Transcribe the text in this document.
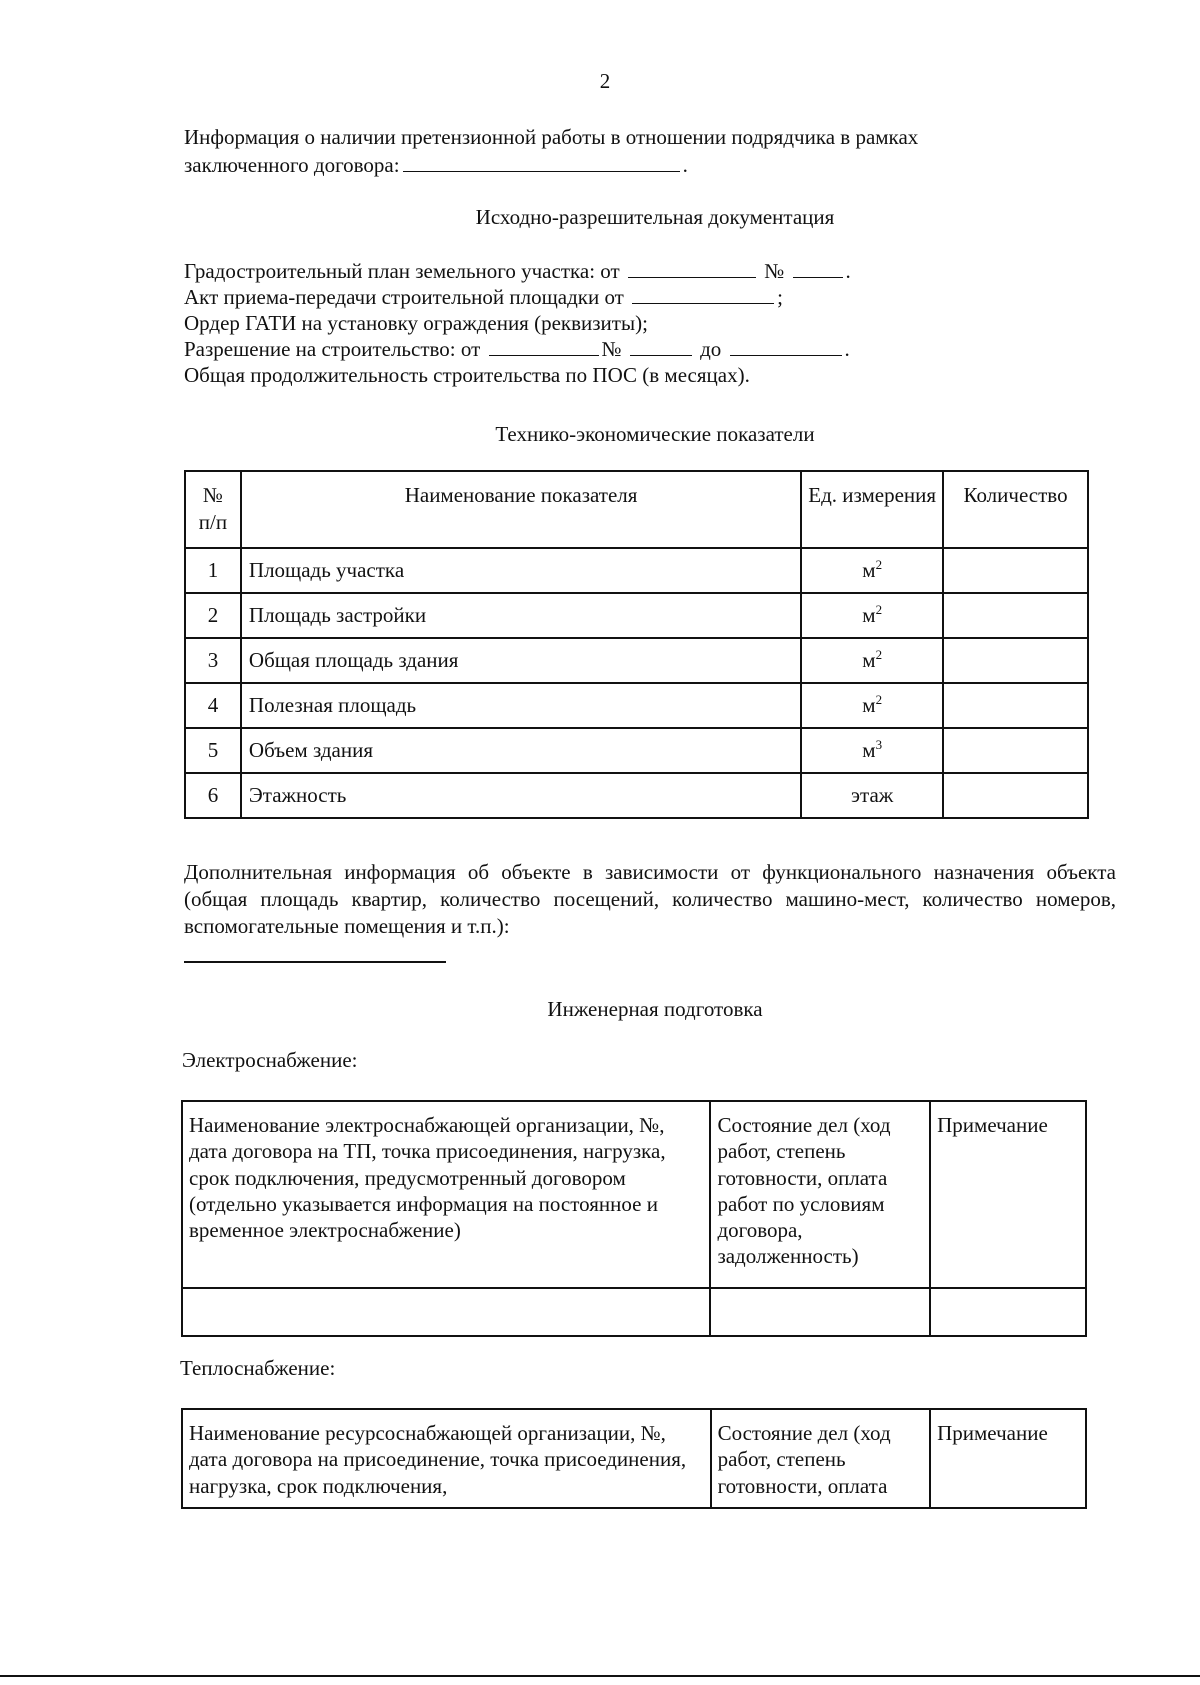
2
Информация о наличии претензионной работы в отношении подрядчика в рамках
заключенного договора:	.
Исходно-разрешительная документация
Градостроительный план земельного участка: от	№	.
Акт приема-передачи строительной площадки от	;
Ордер ГАТИ на установку ограждения (реквизиты);
Разрешение на строительство: от	№	до	.
Общая продолжительность строительства по ПОС (в месяцах).
Технико-экономические показатели
№ п/п	Наименование показателя	Ед. измерения	Количество
1	Площадь участка	$м^2$	
2	Площадь застройки	$м^2$	
3	Общая площадь здания	$м^2$	
4	Полезная площадь	$м^2$	
5	Объем здания	$м^3$	
6	Этажность	этаж	
Дополнительная информация об объекте в зависимости от функционального назначения объекта (общая площадь квартир, количество посещений, количество машино-мест, количество номеров, вспомогательные помещения и т.п.):
Инженерная подготовка
Электроснабжение:
Наименование электроснабжающей организации, №, дата договора на ТП, точка присоединения, нагрузка, срок подключения, предусмотренный договором (отдельно указывается информация на постоянное и временное электроснабжение)	Состояние дел (ход работ, степень готовности, оплата работ по условиям договора, задолженность)	Примечание

Теплоснабжение:
Наименование ресурсоснабжающей организации, №, дата договора на присоединение, точка присоединения, нагрузка, срок подключения,	Состояние дел (ход работ, степень готовности, оплата	Примечание
